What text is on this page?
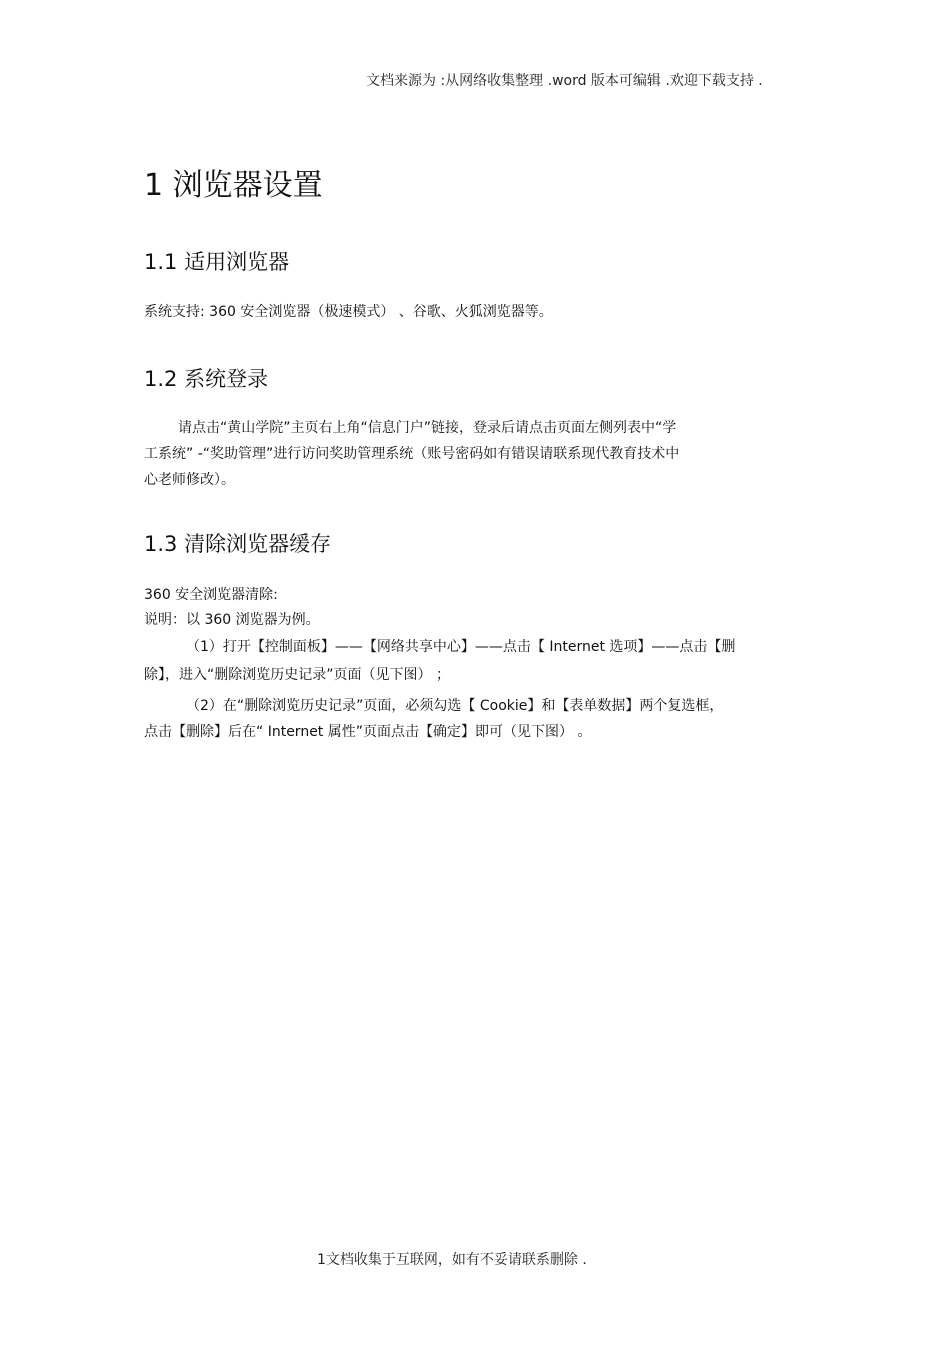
文档来源为 :从网络收集整理 .word 版本可编辑 .欢迎下载支持 .
1 浏览器设置
1.1 适用浏览器
系统支持: 360 安全浏览器（极速模式） 、谷歌、火狐浏览器等。
1.2 系统登录
请点击“黄山学院”主页右上角“信息门户”链接，登录后请点击页面左侧列表中“学
工系统” -“奖助管理”进行访问奖助管理系统（账号密码如有错误请联系现代教育技术中
心老师修改）。
1.3 清除浏览器缓存
360 安全浏览器清除:
说明：以 360 浏览器为例。
（1）打开【控制面板】——【网络共享中心】——点击【 Internet 选项】——点击【删
除】，进入“删除浏览历史记录”页面（见下图） ；
（2）在“删除浏览历史记录”页面，必须勾选【 Cookie】和【表单数据】两个复选框，
点击【删除】后在“ Internet 属性”页面点击【确定】即可（见下图） 。
1文档收集于互联网，如有不妥请联系删除 .
